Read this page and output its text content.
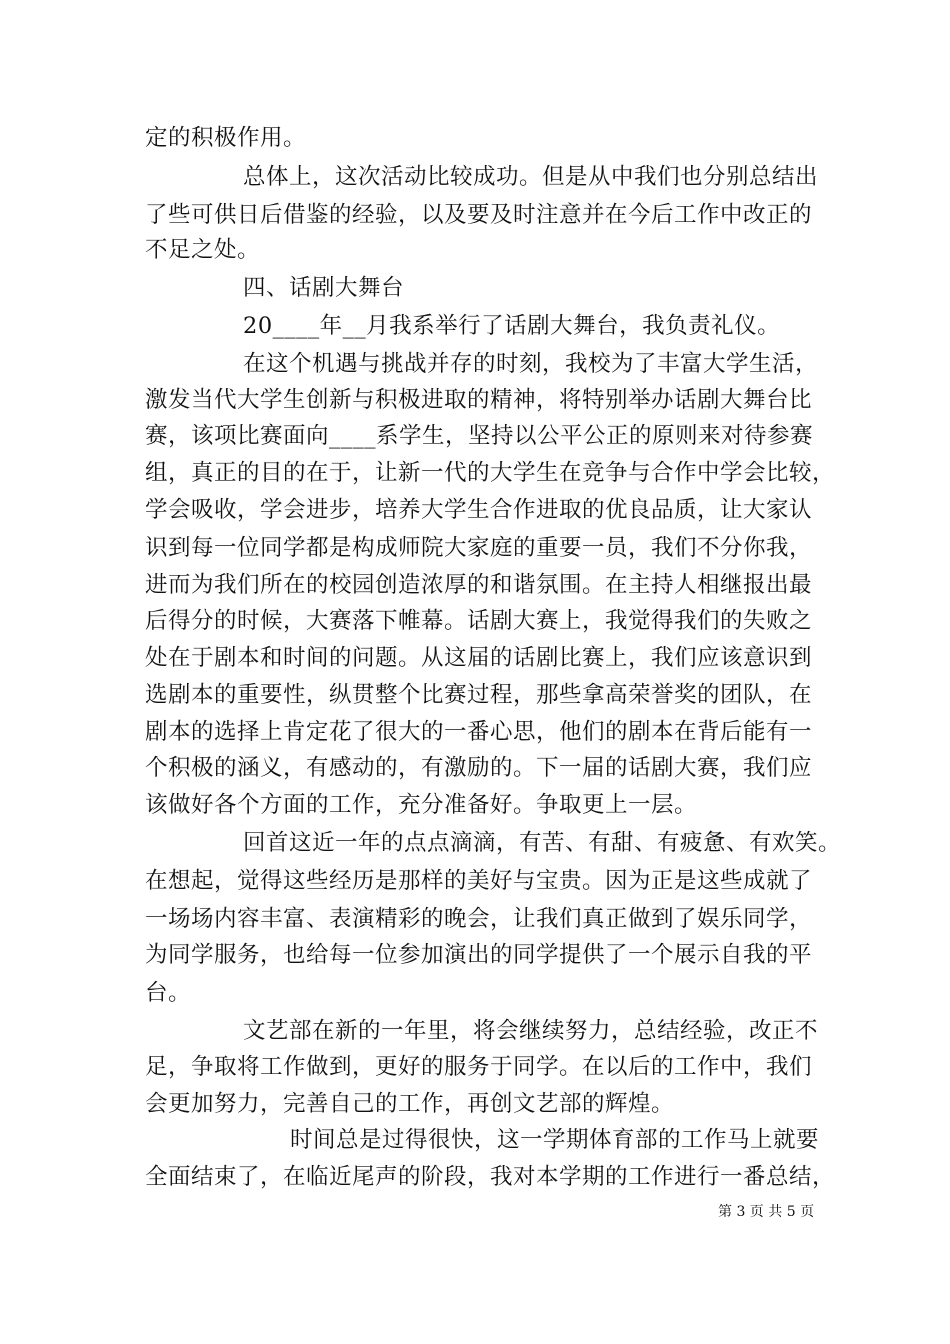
定的积极作用。
总体上，这次活动比较成功。但是从中我们也分别总结出
了些可供日后借鉴的经验，以及要及时注意并在今后工作中改正的
不足之处。
四、话剧大舞台
20____年__月我系举行了话剧大舞台，我负责礼仪。
在这个机遇与挑战并存的时刻，我校为了丰富大学生活，
激发当代大学生创新与积极进取的精神，将特别举办话剧大舞台比
赛，该项比赛面向____系学生，坚持以公平公正的原则来对待参赛
组，真正的目的在于，让新一代的大学生在竞争与合作中学会比较，
学会吸收，学会进步，培养大学生合作进取的优良品质，让大家认
识到每一位同学都是构成师院大家庭的重要一员，我们不分你我，
进而为我们所在的校园创造浓厚的和谐氛围。在主持人相继报出最
后得分的时候，大赛落下帷幕。话剧大赛上，我觉得我们的失败之
处在于剧本和时间的问题。从这届的话剧比赛上，我们应该意识到
选剧本的重要性，纵贯整个比赛过程，那些拿高荣誉奖的团队，在
剧本的选择上肯定花了很大的一番心思，他们的剧本在背后能有一
个积极的涵义，有感动的，有激励的。下一届的话剧大赛，我们应
该做好各个方面的工作，充分准备好。争取更上一层。
回首这近一年的点点滴滴，有苦、有甜、有疲惫、有欢笑。
在想起，觉得这些经历是那样的美好与宝贵。因为正是这些成就了
一场场内容丰富、表演精彩的晚会，让我们真正做到了娱乐同学，
为同学服务，也给每一位参加演出的同学提供了一个展示自我的平
台。
文艺部在新的一年里，将会继续努力，总结经验，改正不
足，争取将工作做到，更好的服务于同学。在以后的工作中，我们
会更加努力，完善自己的工作，再创文艺部的辉煌。
时间总是过得很快，这一学期体育部的工作马上就要
全面结束了，在临近尾声的阶段，我对本学期的工作进行一番总结，
第 3 页 共 5 页
